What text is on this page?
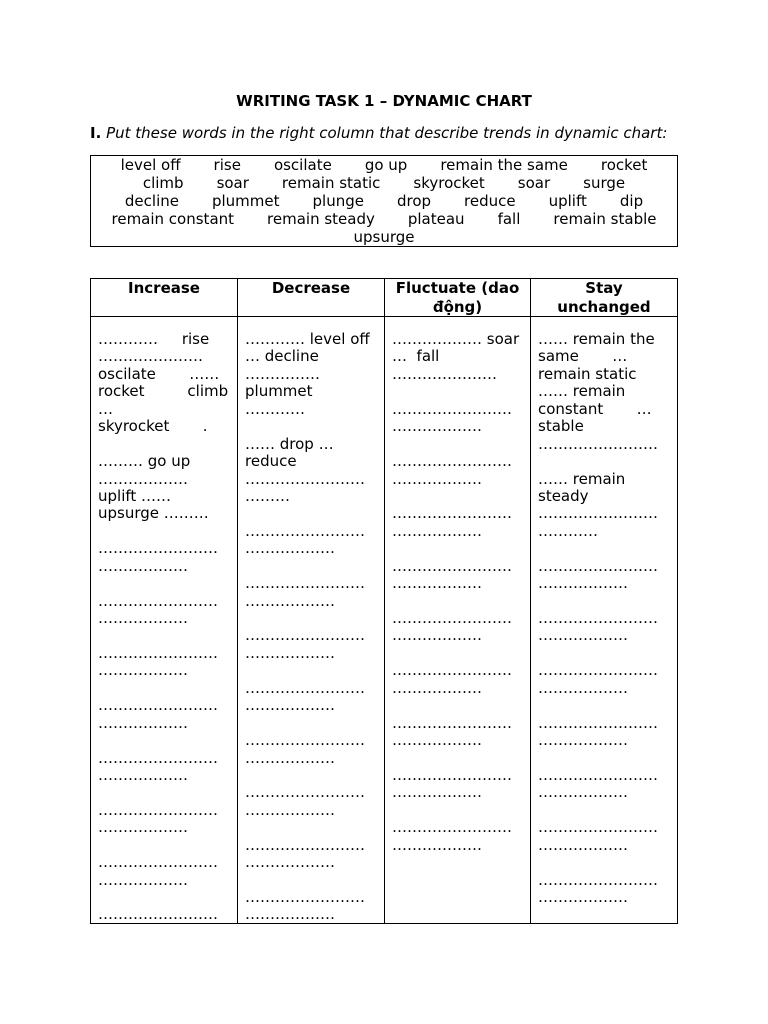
WRITING TASK 1 – DYNAMIC CHART
I. Put these words in the right column that describe trends in dynamic chart:
level off rise oscilate go up remain the same rocket
climb soar remain static skyrocket soar surge
decline plummet plunge drop reduce uplift dip
remain constant remain steady plateau fall remain stable
upsurge
Increase	Decrease	Fluctuate (dao động)
Stay unchanged
…………     rise
…………………
oscilate       ……
rocket         climb
…
skyrocket       .
……… go up
………………
uplift ……
upsurge ………
……………………
………………
……………………
………………
……………………
………………
……………………
………………
……………………
………………
……………………
………………
……………………
………………
……………………
………… level off
… decline
……………
plummet
…………
…… drop …
reduce
……………………
………
……………………
………………
……………………
………………
……………………
………………
……………………
………………
……………………
………………
……………………
………………
……………………
………………
……………………
………………
……………… soar
…  fall
…………………
……………………
………………
……………………
………………
……………………
………………
……………………
………………
……………………
………………
……………………
………………
……………………
………………
……………………
………………
……………………
………………
…… remain the
same       …
remain static
…… remain
constant       …
stable
……………………
…… remain
steady
……………………
…………
……………………
………………
……………………
………………
……………………
………………
……………………
………………
……………………
………………
……………………
………………
……………………
………………
